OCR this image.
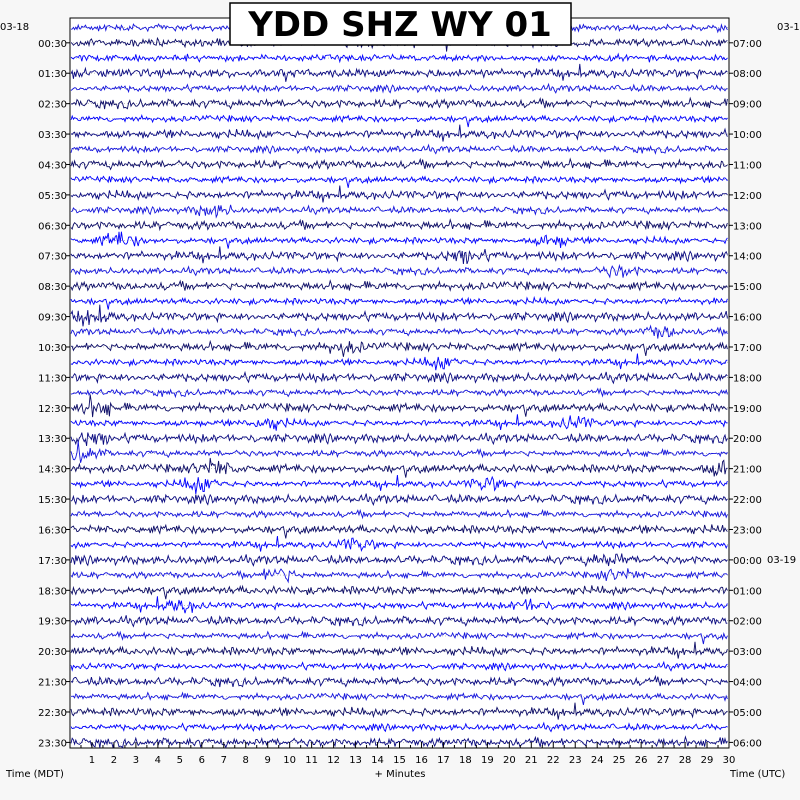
1 2 3 4 5 6 7 8 9 10 11 12 13 14 15 16 17 18 19 20 21 22 23 24 25 26 27 28 29 30
00:30
01:30
02:30
03:30
04:30
05:30
06:30
07:30
08:30
09:30
10:30
11:30
12:30
13:30
14:30
15:30
16:30
17:30
18:30
19:30
20:30
21:30
22:30
23:30
07:00
08:00
09:00
10:00
11:00
12:00
13:00
14:00
15:00
16:00
17:00
18:00
19:00
20:00
21:00
22:00
23:00
00:00
01:00
02:00
03:00
04:00
05:00
06:00
03-18	03-1
03-19
Time (MDT)	+ Minutes	Time (UTC)
YDD SHZ WY 01
